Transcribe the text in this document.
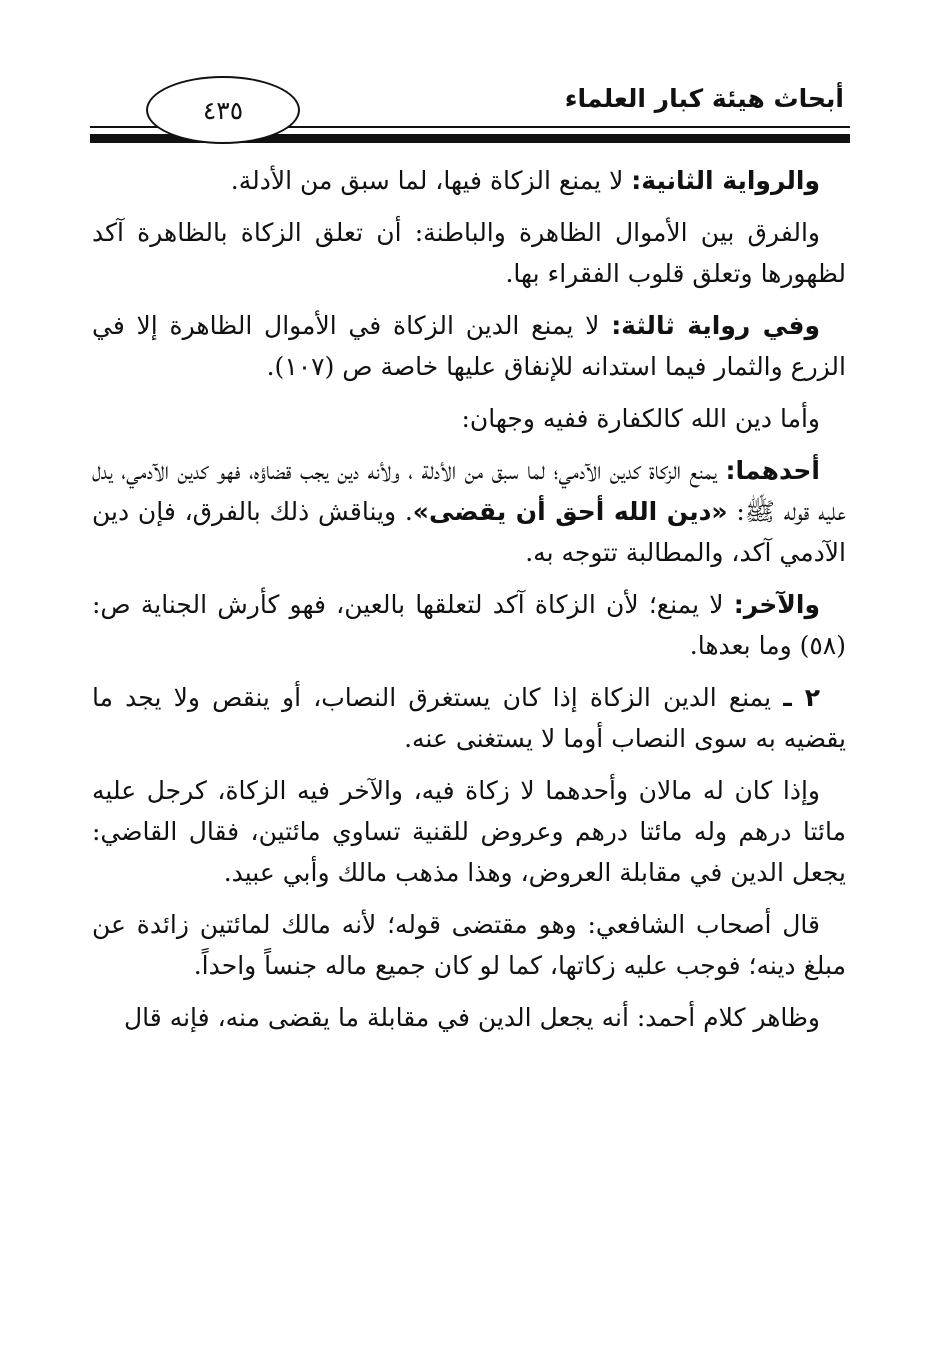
أبحاث هيئة كبار العلماء
٤٣٥

والرواية الثانية: لا يمنع الزكاة فيها، لما سبق من الأدلة.

والفرق بين الأموال الظاهرة والباطنة: أن تعلق الزكاة بالظاهرة آكد لظهورها وتعلق قلوب الفقراء بها.

وفي رواية ثالثة: لا يمنع الدين الزكاة في الأموال الظاهرة إلا في الزرع والثمار فيما استدانه للإنفاق عليها خاصة ص (١٠٧).

وأما دين الله كالكفارة ففيه وجهان:

أحدهما: يمنع الزكاة كدين الآدمي؛ لما سبق من الأدلة ، ولأنه دين يجب قضاؤه، فهو كدين الآدمي، يدل عليه قوله ﷺ: «دين الله أحق أن يقضى». ويناقش ذلك بالفرق، فإن دين الآدمي آكد، والمطالبة تتوجه به.

والآخر: لا يمنع؛ لأن الزكاة آكد لتعلقها بالعين، فهو كأرش الجناية ص: (٥٨) وما بعدها.

٢ ـ يمنع الدين الزكاة إذا كان يستغرق النصاب، أو ينقص ولا يجد ما يقضيه به سوى النصاب أوما لا يستغنى عنه.

وإذا كان له مالان وأحدهما لا زكاة فيه، والآخر فيه الزكاة، كرجل عليه مائتا درهم وله مائتا درهم وعروض للقنية تساوي مائتين، فقال القاضي: يجعل الدين في مقابلة العروض، وهذا مذهب مالك وأبي عبيد.

قال أصحاب الشافعي: وهو مقتضى قوله؛ لأنه مالك لمائتين زائدة عن مبلغ دينه؛ فوجب عليه زكاتها، كما لو كان جميع ماله جنساً واحداً.

وظاهر كلام أحمد: أنه يجعل الدين في مقابلة ما يقضى منه، فإنه قال
